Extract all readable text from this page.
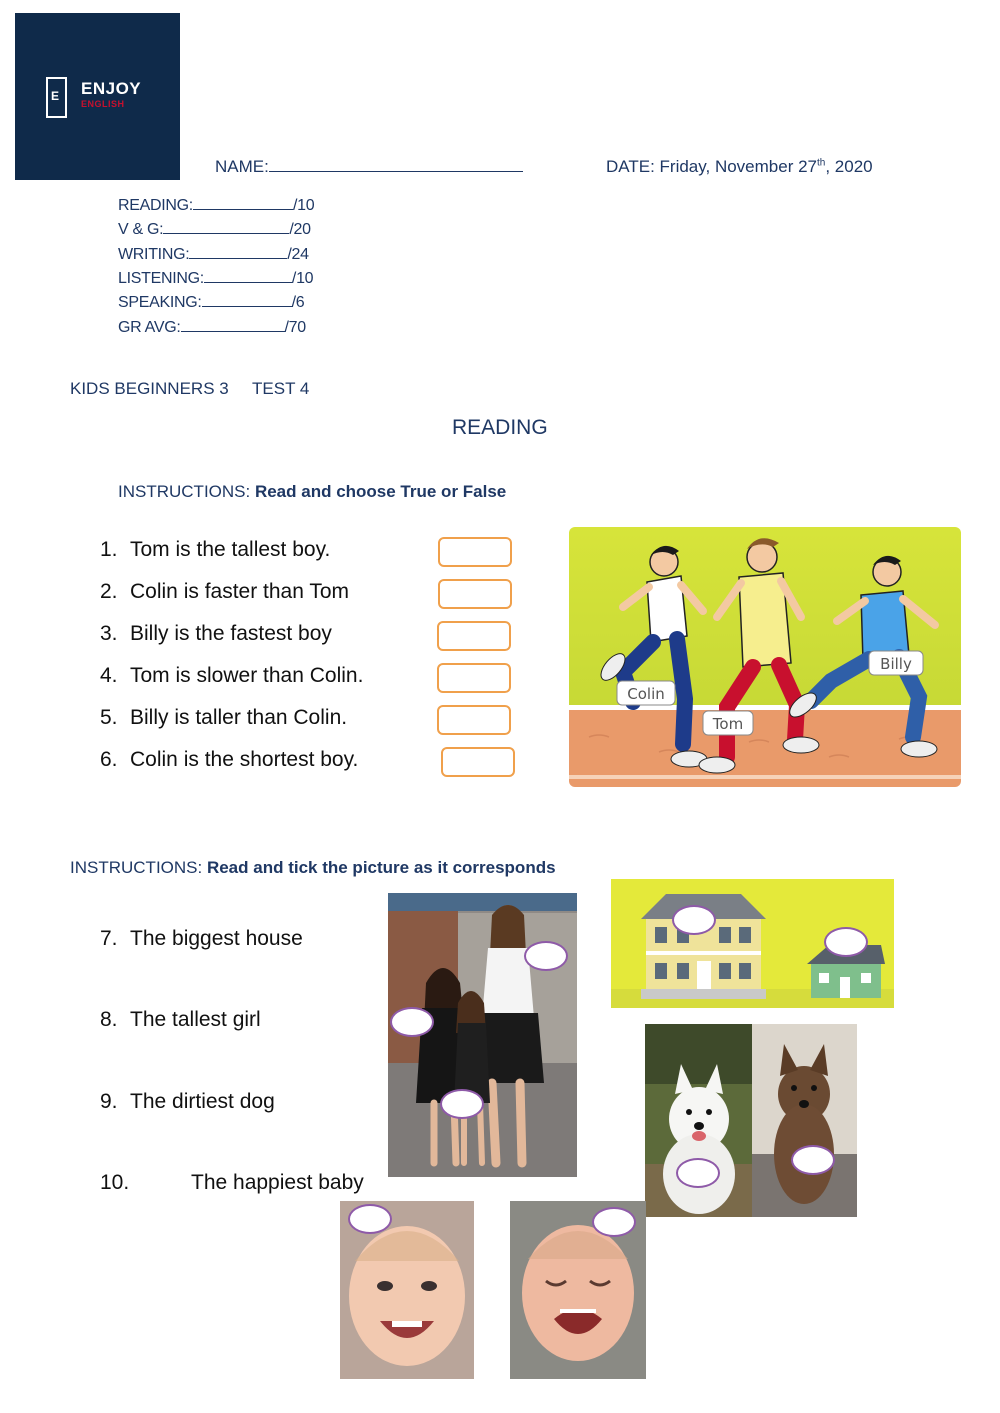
E ENJOY
ENGLISH
NAME:	DATE: Friday, November 27th, 2020
READING:	/10
V & G:	/20
WRITING:	/24
LISTENING:	/10
SPEAKING:	/6
GR AVG:	/70
KIDS BEGINNERS 3     TEST 4
READING
INSTRUCTIONS: Read and choose True or False
1. Tom is the tallest boy.
2. Colin is faster than Tom
3. Billy is the fastest boy
4. Tom is slower than Colin.
5. Billy is taller than Colin.
6. Colin is the shortest boy.
Colin
Tom
Billy
INSTRUCTIONS: Read and tick the picture as it corresponds
7. The biggest house
8. The tallest girl
9. The dirtiest dog
10.	The happiest baby
